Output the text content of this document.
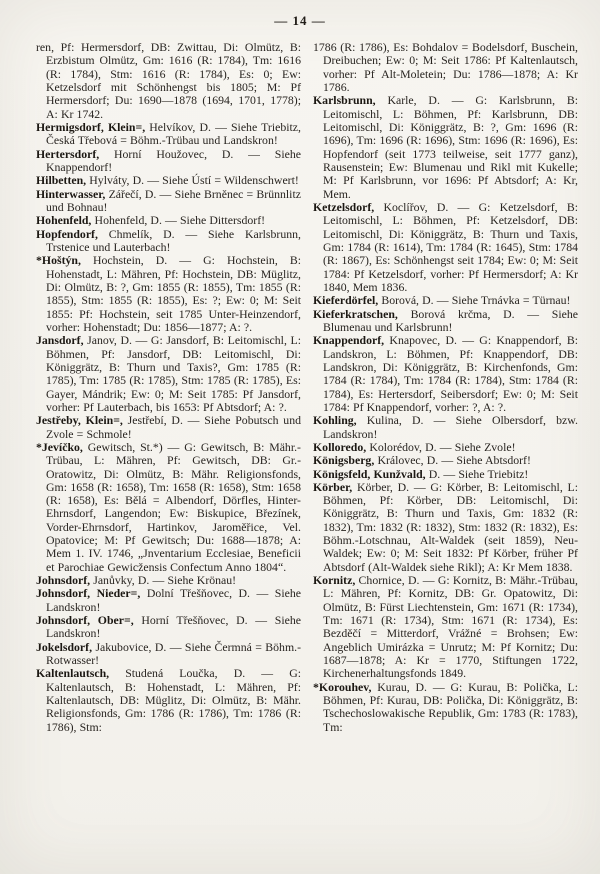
— 14 —

ren, Pf: Hermersdorf, DB: Zwittau, Di: Olmütz, B: Erzbistum Olmütz, Gm: 1616 (R: 1784), Tm: 1616 (R: 1784), Stm: 1616 (R: 1784), Es: 0; Ew: Ketzelsdorf mit Schönhengst bis 1805; M: Pf Hermersdorf; Du: 1690—1878 (1694, 1701, 1778); A: Kr 1742.

Hermigsdorf, Klein=, Helvíkov, D. — Siehe Triebitz, Česká Třebová = Böhm.-Trübau und Landskron!

Hertersdorf, Horní Houžovec, D. — Siehe Knappendorf!

Hilbetten, Hylváty, D. — Siehe Ústí = Wildenschwert!

Hinterwasser, Zářečí, D. — Siehe Brněnec = Brünnlitz und Bohnau!

Hohenfeld, Hohenfeld, D. — Siehe Dittersdorf!

Hopfendorf, Chmelík, D. — Siehe Karlsbrunn, Trstenice und Lauterbach!

*Hoštýn, Hochstein, D. — G: Hochstein, B: Hohenstadt, L: Mähren, Pf: Hochstein, DB: Müglitz, Di: Olmütz, B: ?, Gm: 1855 (R: 1855), Tm: 1855 (R: 1855), Stm: 1855 (R: 1855), Es: ?; Ew: 0; M: Seit 1855: Pf: Hochstein, seit 1785 Unter-Heinzendorf, vorher: Hohenstadt; Du: 1856—1877; A: ?.

Jansdorf, Janov, D. — G: Jansdorf, B: Leitomischl, L: Böhmen, Pf: Jansdorf, DB: Leitomischl, Di: Königgrätz, B: Thurn und Taxis?, Gm: 1785 (R: 1785), Tm: 1785 (R: 1785), Stm: 1785 (R: 1785), Es: Gayer, Mándrik; Ew: 0; M: Seit 1785: Pf Jansdorf, vorher: Pf Lauterbach, bis 1653: Pf Abtsdorf; A: ?.

Jestřeby, Klein=, Jestřebí, D. — Siehe Pobutsch und Zvole = Schmole!

*Jevíčko, Gewitsch, St.*) — G: Gewitsch, B: Mähr.-Trübau, L: Mähren, Pf: Gewitsch, DB: Gr.-Oratowitz, Di: Olmütz, B: Mähr. Religionsfonds, Gm: 1658 (R: 1658), Tm: 1658 (R: 1658), Stm: 1658 (R: 1658), Es: Bělá = Albendorf, Dörfles, Hinter-Ehrnsdorf, Langendon; Ew: Biskupice, Březínek, Vorder-Ehrnsdorf, Hartinkov, Jaroměřice, Vel. Opatovice; M: Pf Gewitsch; Du: 1688—1878; A: Mem 1. IV. 1746, „Jnventarium Ecclesiae, Beneficii et Parochiae Gewicžensis Confectum Anno 1804“.

Johnsdorf, Janůvky, D. — Siehe Krönau!

Johnsdorf, Nieder=, Dolní Třešňovec, D. — Siehe Landskron!

Johnsdorf, Ober=, Horní Třešňovec, D. — Siehe Landskron!

Jokelsdorf, Jakubovice, D. — Siehe Čermná = Böhm.-Rotwasser!

Kaltenlautsch, Studená Loučka, D. — G: Kaltenlautsch, B: Hohenstadt, L: Mähren, Pf: Kaltenlautsch, DB: Müglitz, Di: Olmütz, B: Mähr. Religionsfonds, Gm: 1786 (R: 1786), Tm: 1786 (R: 1786), Stm:

1786 (R: 1786), Es: Bohdalov = Bodelsdorf, Buschein, Dreibuchen; Ew: 0; M: Seit 1786: Pf Kaltenlautsch, vorher: Pf Alt-Moletein; Du: 1786—1878; A: Kr 1786.

Karlsbrunn, Karle, D. — G: Karlsbrunn, B: Leitomischl, L: Böhmen, Pf: Karlsbrunn, DB: Leitomischl, Di: Königgrätz, B: ?, Gm: 1696 (R: 1696), Tm: 1696 (R: 1696), Stm: 1696 (R: 1696), Es: Hopfendorf (seit 1773 teilweise, seit 1777 ganz), Rausenstein; Ew: Blumenau und Rikl mit Kukelle; M: Pf Karlsbrunn, vor 1696: Pf Abtsdorf; A: Kr, Mem.

Ketzelsdorf, Koclířov, D. — G: Ketzelsdorf, B: Leitomischl, L: Böhmen, Pf: Ketzelsdorf, DB: Leitomischl, Di: Königgrätz, B: Thurn und Taxis, Gm: 1784 (R: 1614), Tm: 1784 (R: 1645), Stm: 1784 (R: 1867), Es: Schönhengst seit 1784; Ew: 0; M: Seit 1784: Pf Ketzelsdorf, vorher: Pf Hermersdorf; A: Kr 1840, Mem 1836.

Kieferdörfel, Borová, D. — Siehe Trnávka = Türnau!

Kieferkratschen, Borová krčma, D. — Siehe Blumenau und Karlsbrunn!

Knappendorf, Knapovec, D. — G: Knappendorf, B: Landskron, L: Böhmen, Pf: Knappendorf, DB: Landskron, Di: Königgrätz, B: Kirchenfonds, Gm: 1784 (R: 1784), Tm: 1784 (R: 1784), Stm: 1784 (R: 1784), Es: Hertersdorf, Seibersdorf; Ew: 0; M: Seit 1784: Pf Knappendorf, vorher: ?, A: ?.

Kohling, Kulina, D. — Siehe Olbersdorf, bzw. Landskron!

Kolloredo, Kolorédov, D. — Siehe Zvole!

Königsberg, Královec, D. — Siehe Abtsdorf!

Königsfeld, Kunžvald, D. — Siehe Triebitz!

Körber, Körber, D. — G: Körber, B: Leitomischl, L: Böhmen, Pf: Körber, DB: Leitomischl, Di: Königgrätz, B: Thurn und Taxis, Gm: 1832 (R: 1832), Tm: 1832 (R: 1832), Stm: 1832 (R: 1832), Es: Böhm.-Lotschnau, Alt-Waldek (seit 1859), Neu-Waldek; Ew: 0; M: Seit 1832: Pf Körber, früher Pf Abtsdorf (Alt-Waldek siehe Rikl); A: Kr Mem 1838.

Kornitz, Chornice, D. — G: Kornitz, B: Mähr.-Trübau, L: Mähren, Pf: Kornitz, DB: Gr. Opatowitz, Di: Olmütz, B: Fürst Liechtenstein, Gm: 1671 (R: 1734), Tm: 1671 (R: 1734), Stm: 1671 (R: 1734), Es: Bezděčí = Mitterdorf, Vrážné = Brohsen; Ew: Angeblich Umirázka = Unrutz; M: Pf Kornitz; Du: 1687—1878; A: Kr = 1770, Stiftungen 1722, Kirchenerhaltungsfonds 1849.

*Korouhev, Kurau, D. — G: Kurau, B: Polička, L: Böhmen, Pf: Kurau, DB: Polička, Di: Königgrätz, B: Tschechoslowakische Republik, Gm: 1783 (R: 1783), Tm:
